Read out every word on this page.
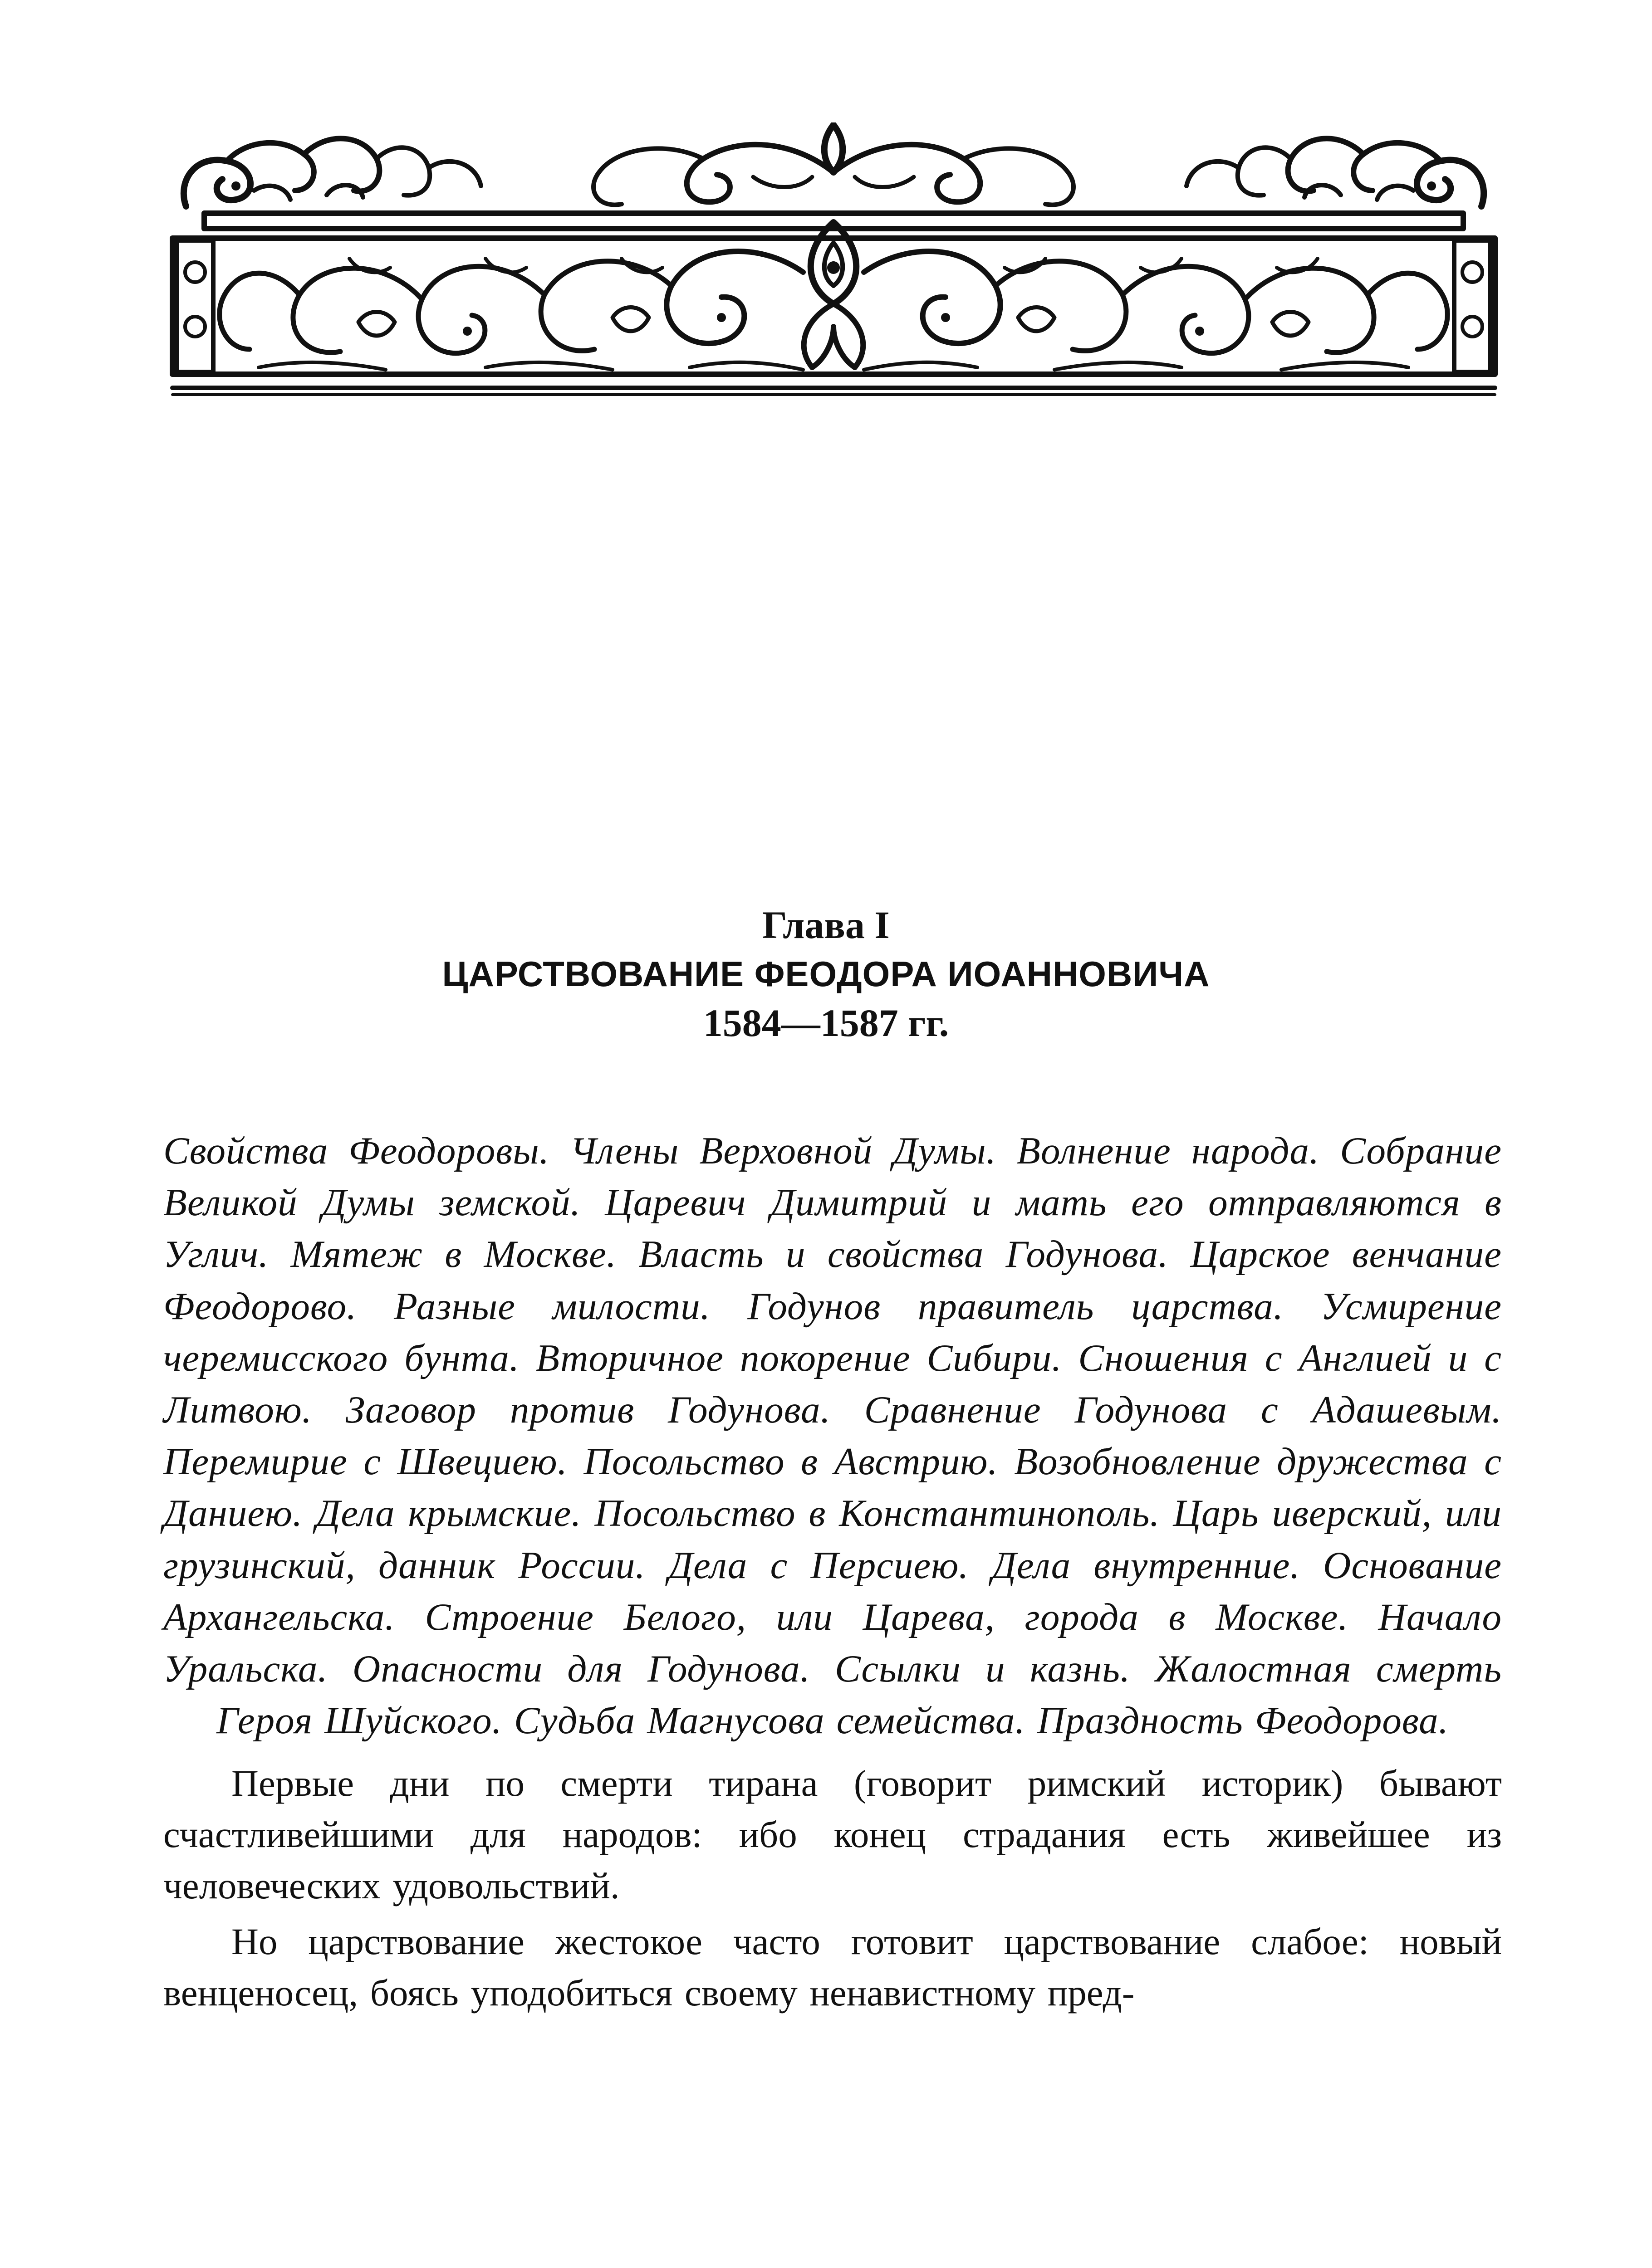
Глава I
ЦАРСТВОВАНИЕ ФЕОДОРА ИОАННОВИЧА
1584—1587 гг.

Свойства Феодоровы. Члены Верховной Думы. Волнение народа. Собрание Великой Думы земской. Царевич Димитрий и мать его отправляются в Углич. Мятеж в Москве. Власть и свойства Годунова. Царское венчание Феодорово. Разные милости. Годунов правитель царства. Усмирение черемисского бунта. Вторичное покорение Сибири. Сношения с Англией и с Литвою. Заговор против Годунова. Сравнение Годунова с Адашевым. Перемирие с Швециею. Посольство в Австрию. Возобновление дружества с Даниею. Дела крымские. Посольство в Константинополь. Царь иверский, или грузинский, данник России. Дела с Персиею. Дела внутренние. Основание Архангельска. Строение Белого, или Царева, города в Москве. Начало Уральска. Опасности для Годунова. Ссылки и казнь. Жалостная смерть Героя Шуйского. Судьба Магнусова семейства. Праздность Феодорова.

Первые дни по смерти тирана (говорит римский историк) бывают счастливейшими для народов: ибо конец страдания есть живейшее из человеческих удовольствий.

Но царствование жестокое часто готовит царствование слабое: новый венценосец, боясь уподобиться своему ненавистному пред-
